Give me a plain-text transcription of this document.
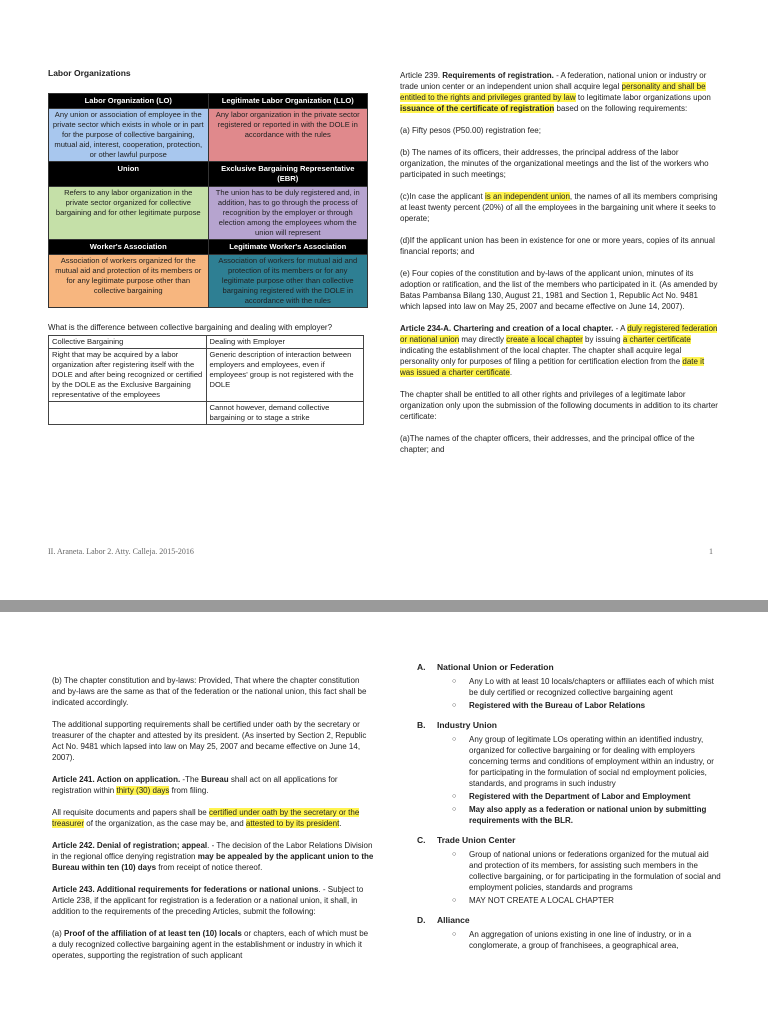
Labor Organizations
Labor Organization (LO)	Legitimate Labor Organization (LLO)
Any union or association of employee in the private sector which exists in whole or in part for the purpose of collective bargaining, mutual aid, interest, cooperation, protection, or other lawful purpose	Any labor organization in the private sector registered or reported in with the DOLE in accordance with the rules
Union	Exclusive Bargaining Representative (EBR)
Refers to any labor organization in the private sector organized for collective bargaining and for other legitimate purpose	The union has to be duly registered and, in addition, has to go through the process of recognition by the employer or through election among the employees whom the union will represent
Worker's Association	Legitimate Worker's Association
Association of workers organized for the mutual aid and protection of its members or for any legitimate purpose other than collective bargaining	Association of workers for mutual aid and protection of its members or for any legitimate purpose other than collective bargaining registered with the DOLE in accordance with the rules
What is the difference between collective bargaining and dealing with employer?
Collective Bargaining	Dealing with Employer
Right that may be acquired by a labor organization after registering itself with the DOLE and after being recognized or certified by the DOLE as the Exclusive Bargaining representative of the employees	Generic description of interaction between employers and employees, even if employees' group is not registered with the DOLE
	Cannot however, demand collective bargaining or to stage a strike

Article 239. Requirements of registration. - A federation, national union or industry or trade union center or an independent union shall acquire legal personality and shall be entitled to the rights and privileges granted by law to legitimate labor organizations upon issuance of the certificate of registration based on the following requirements:

(a) Fifty pesos (P50.00) registration fee;

(b) The names of its officers, their addresses, the principal address of the labor organization, the minutes of the organizational meetings and the list of the workers who participated in such meetings;

(c)In case the applicant is an independent union, the names of all its members comprising at least twenty percent (20%) of all the employees in the bargaining unit where it seeks to operate;

(d)If the applicant union has been in existence for one or more years, copies of its annual financial reports; and

(e) Four copies of the constitution and by-laws of the applicant union, minutes of its adoption or ratification, and the list of the members who participated in it. (As amended by Batas Pambansa Bilang 130, August 21, 1981 and Section 1, Republic Act No. 9481 which lapsed into law on May 25, 2007 and became effective on June 14, 2007).

Article 234-A. Chartering and creation of a local chapter. - A duly registered federation or national union may directly create a local chapter by issuing a charter certificate indicating the establishment of the local chapter. The chapter shall acquire legal personality only for purposes of filing a petition for certification election from the date it was issued a charter certificate.

The chapter shall be entitled to all other rights and privileges of a legitimate labor organization only upon the submission of the following documents in addition to its charter certificate:

(a)The names of the chapter officers, their addresses, and the principal office of the chapter; and

II. Araneta. Labor 2. Atty. Calleja. 2015-2016	1

(b) The chapter constitution and by-laws: Provided, That where the chapter constitution and by-laws are the same as that of the federation or the national union, this fact shall be indicated accordingly.

The additional supporting requirements shall be certified under oath by the secretary or treasurer of the chapter and attested by its president. (As inserted by Section 2, Republic Act No. 9481 which lapsed into law on May 25, 2007 and became effective on June 14, 2007).

Article 241. Action on application. -The Bureau shall act on all applications for registration within thirty (30) days from filing.

All requisite documents and papers shall be certified under oath by the secretary or the treasurer of the organization, as the case may be, and attested to by its president.

Article 242. Denial of registration; appeal. - The decision of the Labor Relations Division in the regional office denying registration may be appealed by the applicant union to the Bureau within ten (10) days from receipt of notice thereof.

Article 243. Additional requirements for federations or national unions. - Subject to Article 238, if the applicant for registration is a federation or a national union, it shall, in addition to the requirements of the preceding Articles, submit the following:

(a) Proof of the affiliation of at least ten (10) locals or chapters, each of which must be a duly recognized collective bargaining agent in the establishment or industry in which it operates, supporting the registration of such applicant

A. National Union or Federation
○ Any Lo with at least 10 locals/chapters or affiliates each of which mist be duly certified or recognized collective bargaining agent
○ Registered with the Bureau of Labor Relations
B. Industry Union
○ Any group of legitimate LOs operating within an identified industry, organized for collective bargaining or for dealing with employers concerning terms and conditions of employment within an industry, or for participating in the formulation of social nd employment policies, standards, and programs in such industry
○ Registered with the Department of Labor and Employment
○ May also apply as a federation or national union by submitting requirements with the BLR.
C. Trade Union Center
○ Group of national unions or federations organized for the mutual aid and protection of its members, for assisting such members in the collective bargaining, or for participating in the formulation of social and employment policies, standards and programs
○ MAY NOT CREATE A LOCAL CHAPTER
D. Alliance
○ An aggregation of unions existing in one line of industry, or in a conglomerate, a group of franchisees, a geographical area,
